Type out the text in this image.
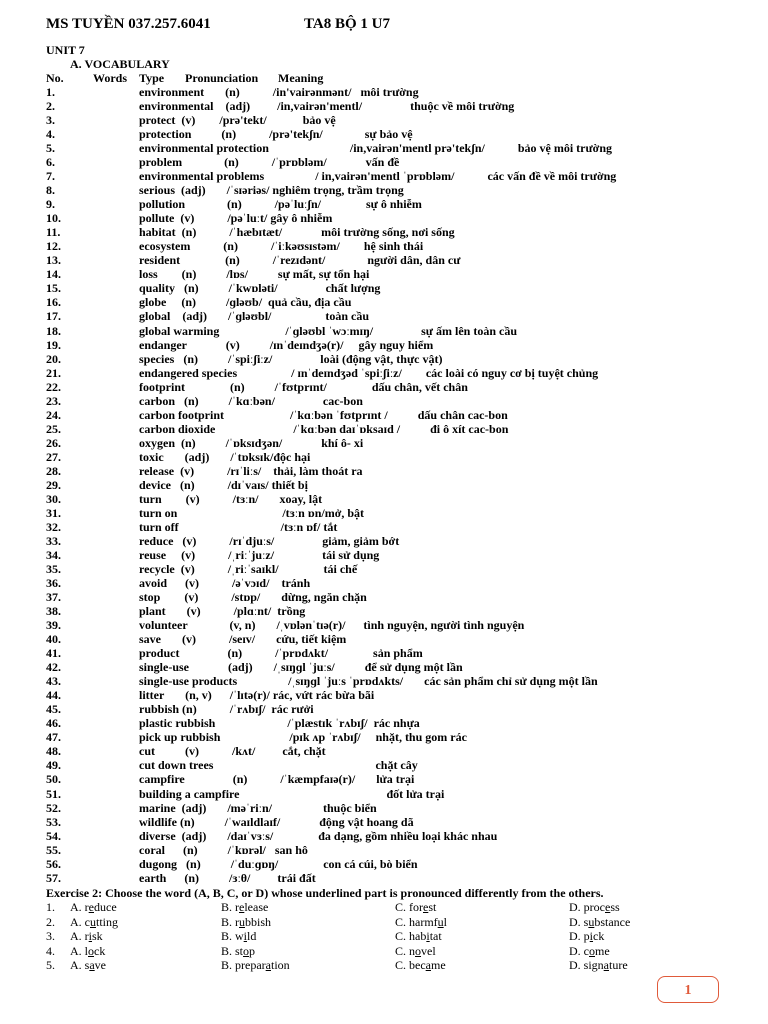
MS TUYỀN 037.257.6041	TA8 BỘ 1 U7
UNIT 7
A. VOCABULARY
No. Words Type Pronunciation Meaning
1.	environment       (n)           /in'vairənmənt/   môi trường
2.	environmental    (adj)         /in,vairən'mentl/                thuộc về môi trường
3.	protect  (v)        /prə'tekt/            bảo vệ
4.	protection          (n)           /prə'tekʃn/              sự bảo vệ
5.	environmental protection                           /in,vairən'mentl prə'tekʃn/           bảo vệ môi trường
6.	problem              (n)           /ˈprɒbləm/             vấn đề
7.	environmental problems                 / in,vairən'mentl ˈprɒbləm/           các vấn đề về môi trường
8.	serious  (adj)       /ˈsɪəriəs/ nghiêm trọng, trầm trọng
9.	pollution              (n)           /pəˈluːʃn/               sự ô nhiễm
10.	pollute  (v)           /pəˈluːt/ gây ô nhiễm
11.	habitat  (n)           /ˈhæbɪtæt/             môi trường sống, nơi sống
12.	ecosystem           (n)           /ˈiːkəʊsɪstəm/        hệ sinh thái
13.	resident               (n)           /ˈrezɪdənt/              người dân, dân cư
14.	loss        (n)          /lɒs/          sự mất, sự tổn hại
15.	quality   (n)          /ˈkwɒləti/                chất lượng
16.	globe     (n)          /ɡləʊb/  quả cầu, địa cầu
17.	global    (adj)       /ˈɡləʊbl/                  toàn cầu
18.	global warming                      /ˈɡləʊbl ˈwɔːmɪŋ/                sự ấm lên toàn cầu
19.	endanger             (v)          /ɪnˈdeɪndʒə(r)/     gây nguy hiểm
20.	species   (n)          /ˈspiːʃiːz/                loài (động vật, thực vật)
21.	endangered species                  / ɪnˈdeɪndʒəd ˈspiːʃiːz/        các loài có nguy cơ bị tuyệt chủng
22.	footprint               (n)          /ˈfʊtprɪnt/               dấu chân, vết chân
23.	carbon   (n)          /ˈkɑːbən/                cac-bon
24.	carbon footprint                      /ˈkɑːbən ˈfʊtprɪnt /          dấu chân cac-bon
25.	carbon dioxide                          /ˈkɑːbən daɪˈɒksaɪd /          đi ô xít cac-bon
26.	oxygen  (n)          /ˈɒksɪdʒən/             khí ô- xi
27.	toxic       (adj)       /ˈtɒksɪk/độc hại
28.	release  (v)           /rɪˈliːs/    thải, làm thoát ra
29.	device   (n)           /dɪˈvaɪs/ thiết bị
30.	turn        (v)           /tɜːn/       xoay, lật
31.	turn on                                   /tɜːn ɒn/mở, bật
32.	turn off                                  /tɜːn ɒf/ tắt
33.	reduce   (v)           /rɪˈdjuːs/                giảm, giảm bớt
34.	reuse     (v)           /ˌriːˈjuːz/                tái sử dụng
35.	recycle  (v)           /ˌriːˈsaɪkl/               tái chế
36.	avoid      (v)           /əˈvɔɪd/    tránh
37.	stop        (v)           /stɒp/       dừng, ngăn chặn
38.	plant       (v)           /plɑːnt/  trồng
39.	volunteer              (v, n)       /ˌvɒlənˈtɪə(r)/      tình nguyện, người tình nguyện
40.	save       (v)           /seɪv/       cứu, tiết kiệm
41.	product                (n)           /ˈprɒdʌkt/               sản phẩm
42.	single-use             (adj)       /ˌsɪŋɡl ˈjuːs/          để sử dụng một lần
43.	single-use products                 /ˌsɪŋɡl ˈjuːs ˈprɒdʌkts/       các sản phẩm chỉ sử dụng một lần
44.	litter       (n, v)      /ˈlɪtə(r)/ rác, vứt rác bừa bãi
45.	rubbish (n)           /ˈrʌbɪʃ/  rác rưởi
46.	plastic rubbish                        /ˈplæstɪk ˈrʌbɪʃ/  rác nhựa
47.	pick up rubbish                       /pɪk ʌp ˈrʌbɪʃ/     nhặt, thu gom rác
48.	cut          (v)           /kʌt/         cắt, chặt
49.	cut down trees                                                      chặt cây
50.	campfire                (n)           /ˈkæmpfaɪə(r)/       lửa trại
51.	building a campfire                                                 đốt lửa trại
52.	marine  (adj)       /məˈriːn/                 thuộc biển
53.	wildlife (n)          /ˈwaɪldlaɪf/             động vật hoang dã
54.	diverse  (adj)       /daɪˈvɜːs/               đa dạng, gồm nhiều loại khác nhau
55.	coral      (n)          /ˈkɒrəl/   san hô
56.	dugong   (n)          /ˈduːɡɒŋ/               con cá cúi, bò biển
57.	earth      (n)          /ɜːθ/         trái đất
Exercise 2: Choose the word (A, B, C, or D) whose underlined part is pronounced differently from the others.
1. A. reduce	B. release	C. forest	D. process
2. A. cutting	B. rubbish	C. harmful	D. substance
3. A. risk	B. wild	C. habitat	D. pick
4. A. lock	B. stop	C. novel	D. come
5. A. save	B. preparation	C. became	D. signature
1
